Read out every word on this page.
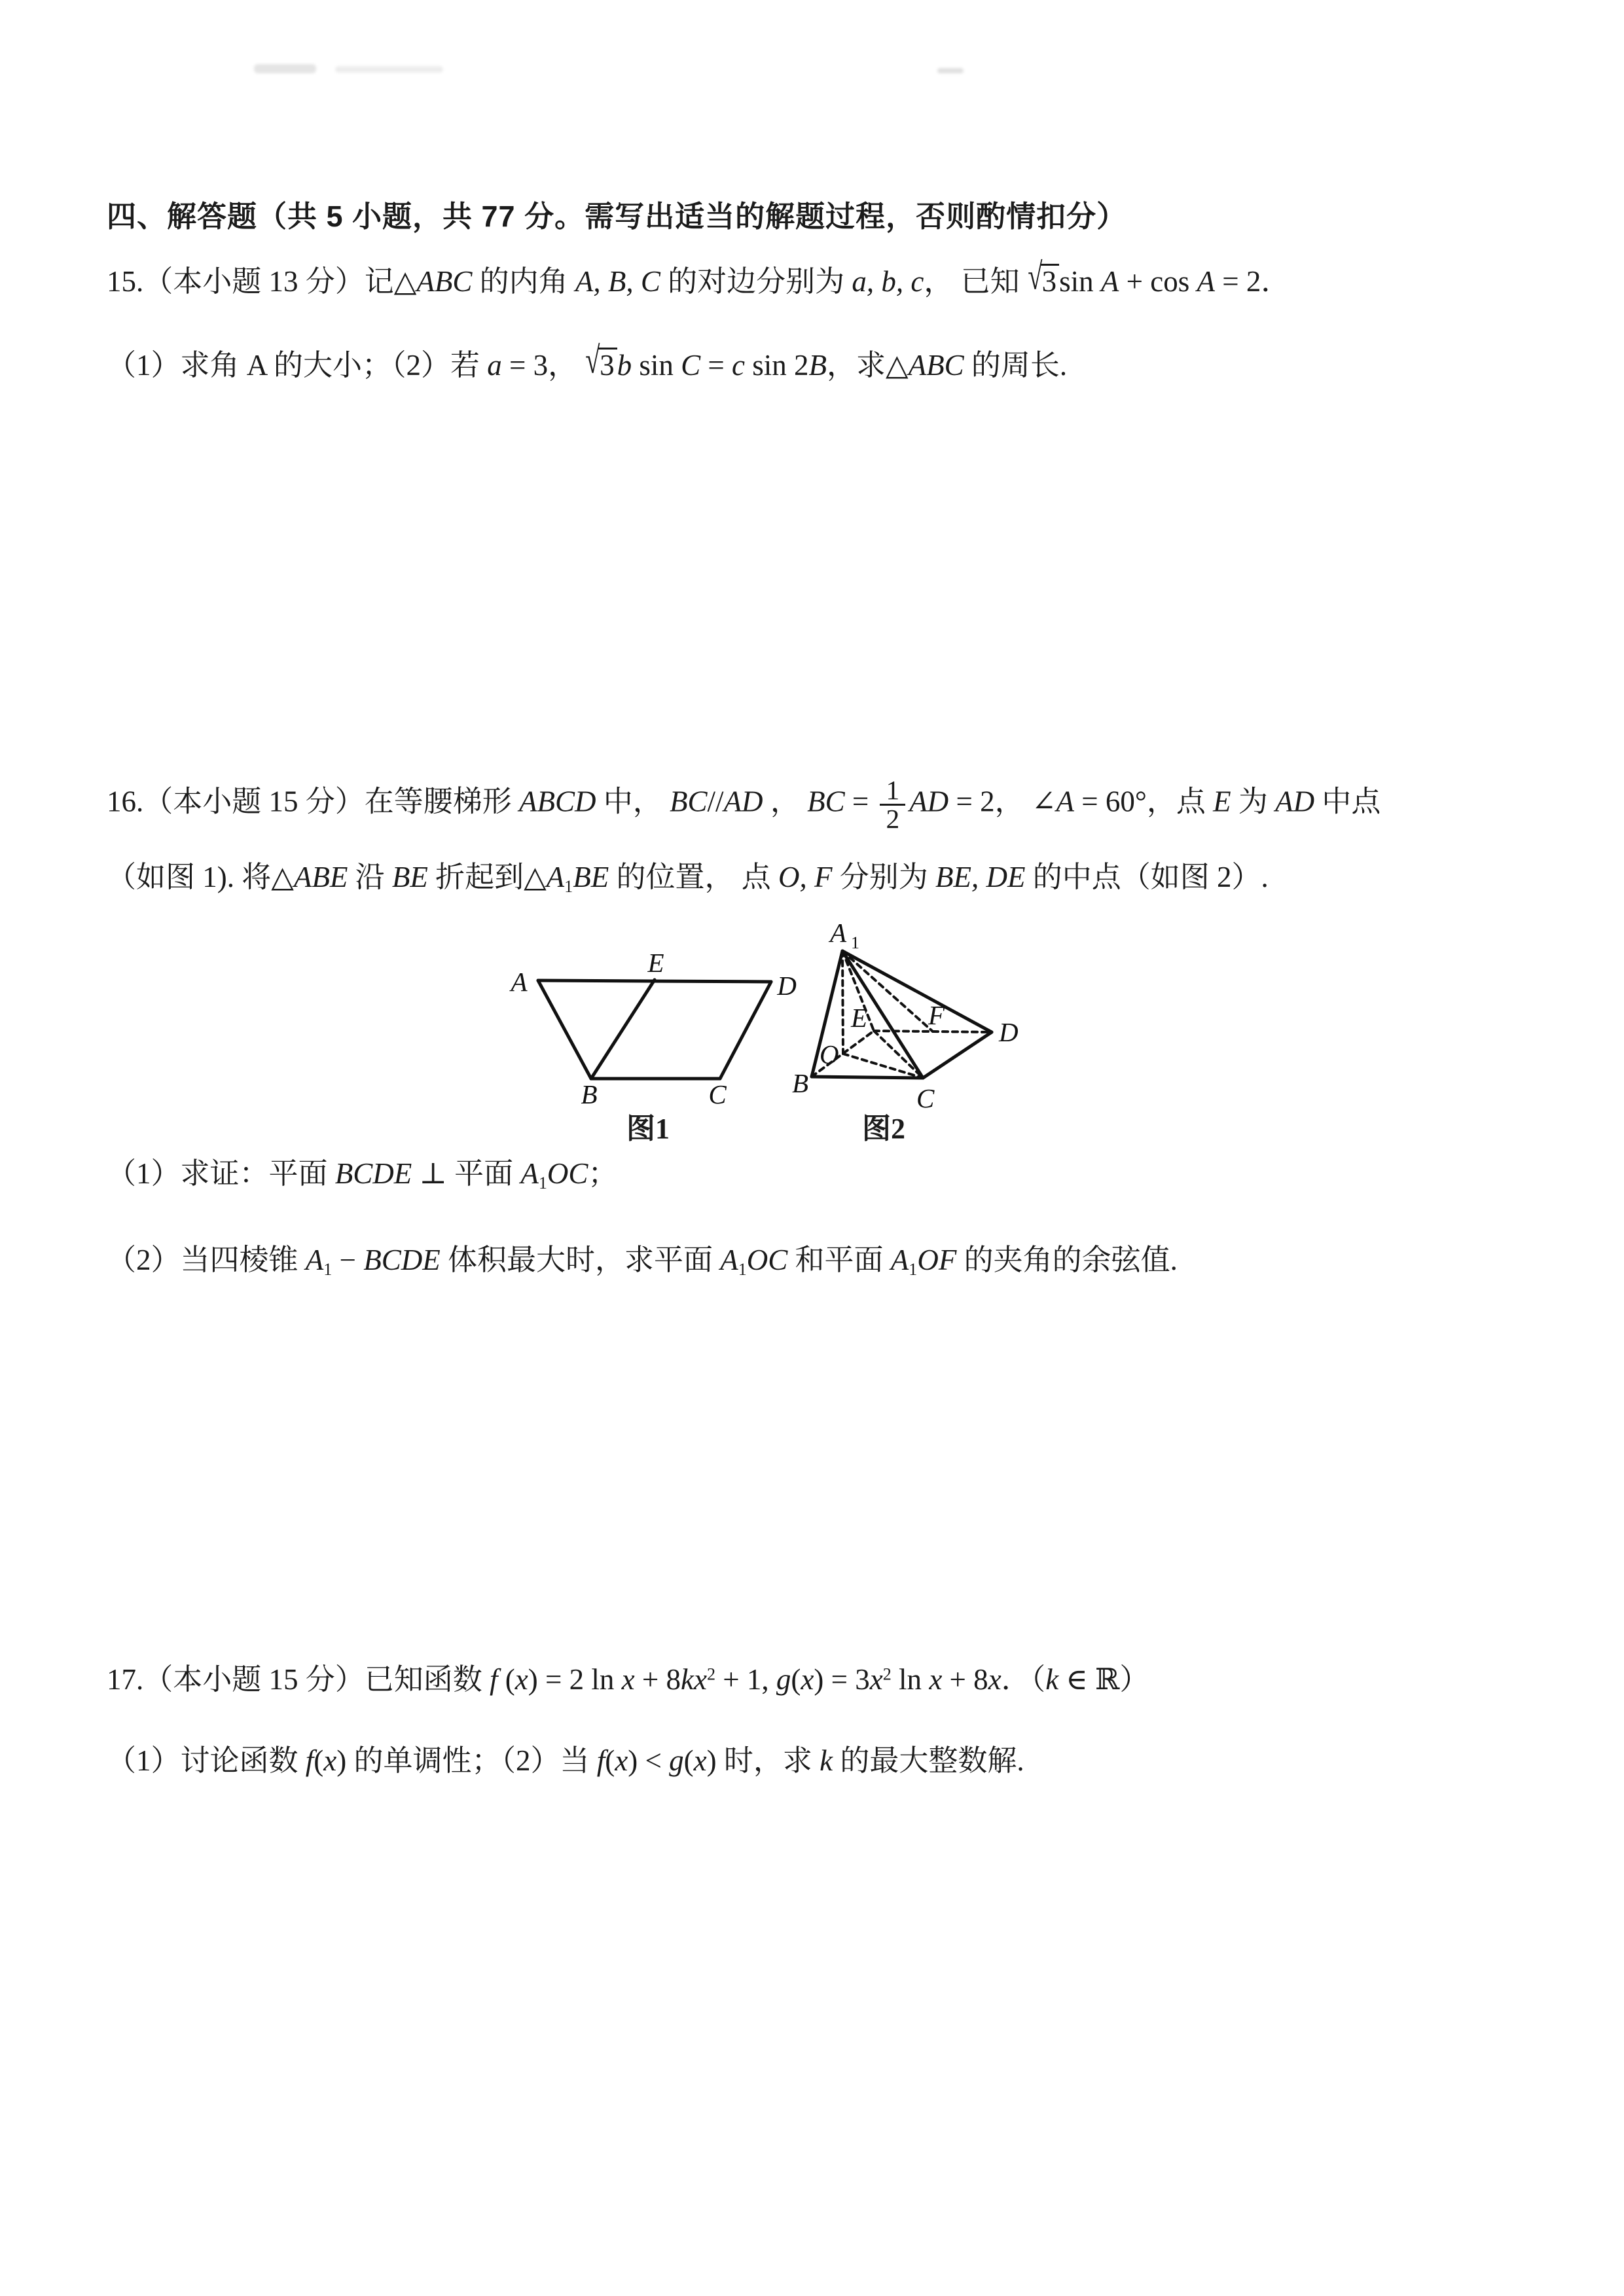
四、解答题（共 5 小题，共 77 分。需写出适当的解题过程，否则酌情扣分）
15.（本小题 13 分）记△ABC 的内角 A, B, C 的对边分别为 a, b, c， 已知 √3sin A + cos A = 2．
（1）求角 A 的大小；（2）若 a = 3， √3b sin C = c sin 2B，求△ABC 的周长.
16.（本小题 15 分）在等腰梯形 ABCD 中， BC//AD ， BC = $\frac{1}{2}$ AD = 2， ∠A = 60°，点 E 为 AD 中点
（如图 1). 将△ABE 沿 BE 折起到△A1BE 的位置， 点 O, F 分别为 BE, DE 的中点（如图 2）.
A
E
D
B	C
图1
A 1
B	C
D
E
O
F
图2
（1）求证：平面 BCDE ⊥ 平面 A1OC；
（2）当四棱锥 A1 − BCDE 体积最大时，求平面 A1OC 和平面 A1OF 的夹角的余弦值.
17.（本小题 15 分）已知函数 f (x) = 2 $\ln x + 8kx^2 + 1$, $g(x) = 3x^2$ ln x + 8x．（k ∈ ℝ）
（1）讨论函数 f(x) 的单调性；（2）当 f(x) < g(x) 时，求 k 的最大整数解.
